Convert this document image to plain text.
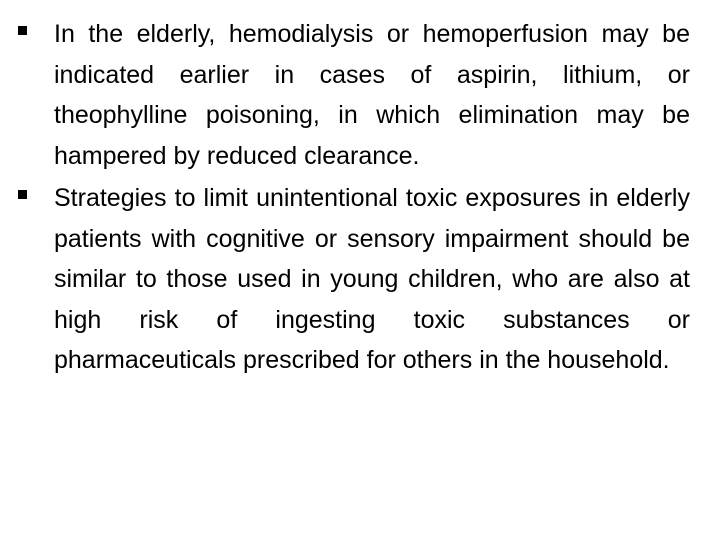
In the elderly, hemodialysis or hemoperfusion may be indicated earlier in cases of aspirin, lithium, or theophylline poisoning, in which elimination may be hampered by reduced clearance.
Strategies to limit unintentional toxic exposures in elderly patients with cognitive or sensory impairment should be similar to those used in young children, who are also at high risk of ingesting toxic substances or pharmaceuticals prescribed for others in the household.
